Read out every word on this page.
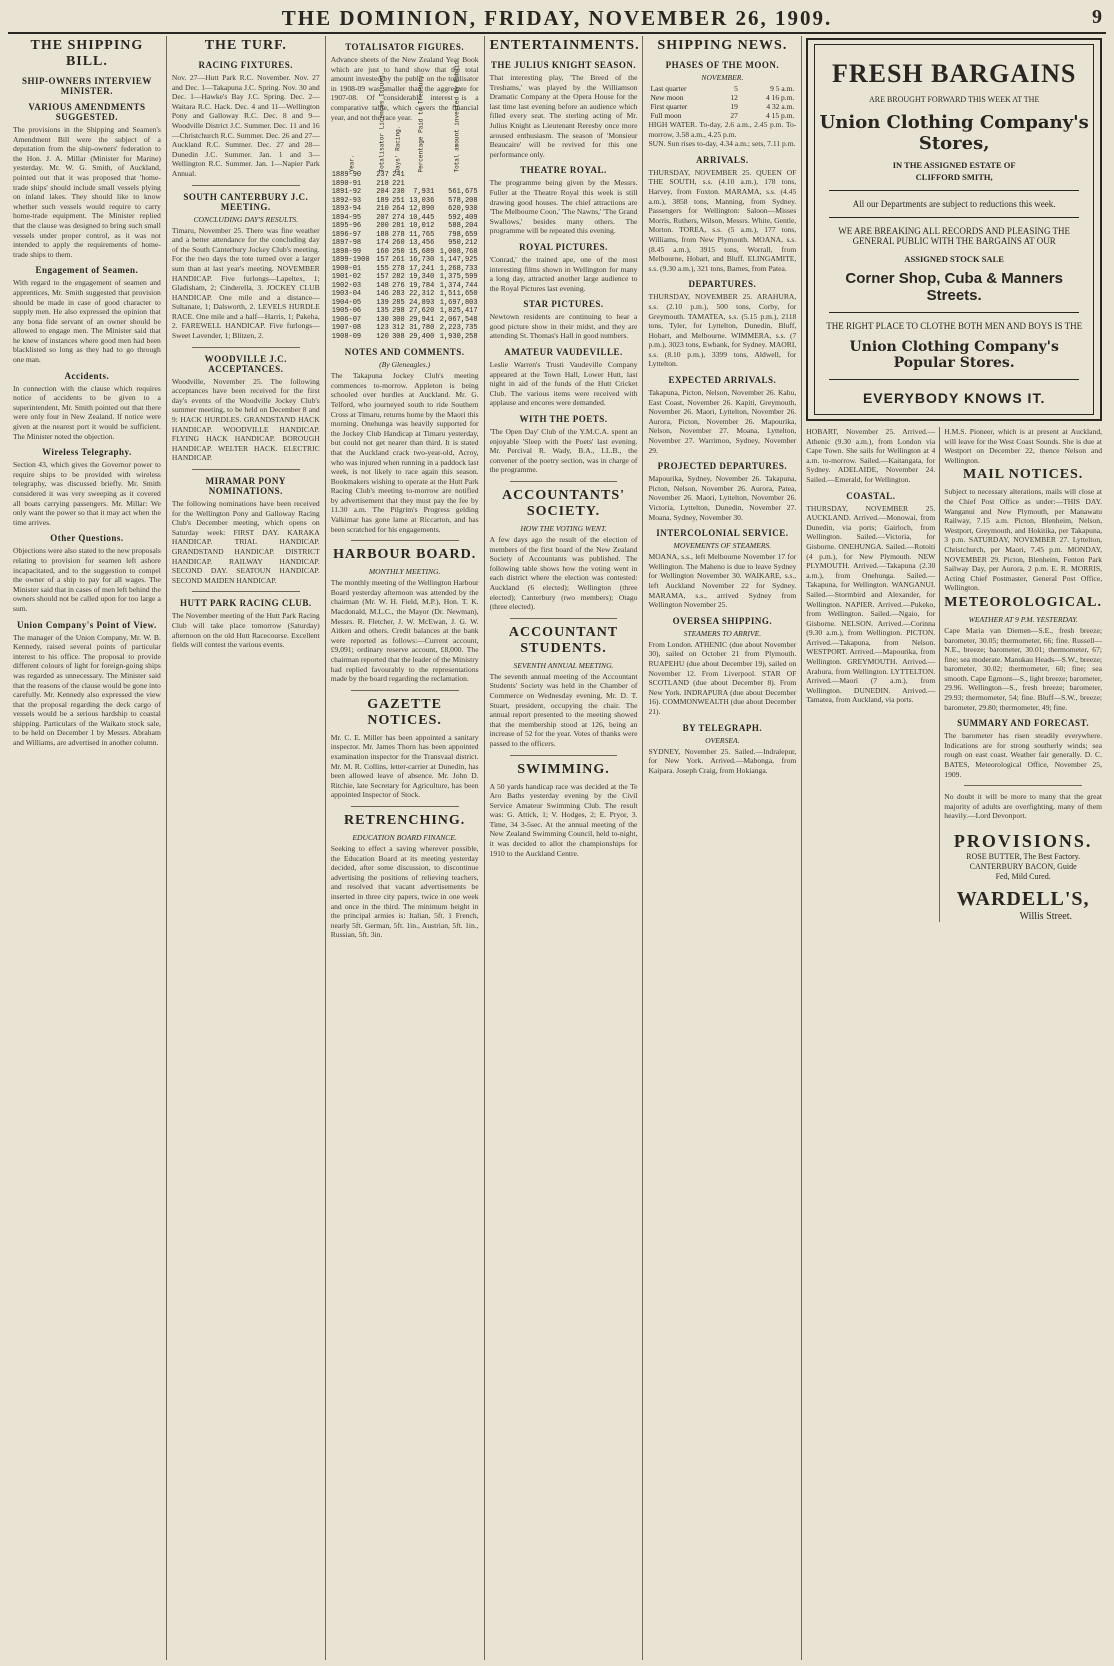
THE DOMINION, FRIDAY, NOVEMBER 26, 1909.	9
THE SHIPPING BILL.
SHIP-OWNERS INTERVIEW MINISTER.
VARIOUS AMENDMENTS SUGGESTED.

The provisions in the Shipping and Seamen's Amendment Bill were the subject of a deputation from the ship-owners' federation to the Hon. J. A. Millar (Minister for Marine) yesterday. Mr. W. G. Smith, of Auckland, pointed out that it was proposed that 'home-trade ships' should include small vessels plying on inland lakes. They should like to know whether such vessels would require to carry home-trade equipment. The Minister replied that the clause was designed to bring such small vessels under proper control, as it was not intended to apply the requirements of home-trade ships to them.

Engagement of Seamen.

With regard to the engagement of seamen and apprentices, Mr. Smith suggested that provision should be made in case of good character to supply men. He also expressed the opinion that any bona fide servant of an owner should be allowed to engage men. The Minister said that he knew of instances where good men had been blacklisted so long as they had to go through one man.

Accidents.

In connection with the clause which requires notice of accidents to be given to a superintendent, Mr. Smith pointed out that there were only four in New Zealand. If notice were given at the nearest port it would be sufficient. The Minister noted the objection.

Wireless Telegraphy.

Section 43, which gives the Governor power to require ships to be provided with wireless telegraphy, was discussed briefly. Mr. Smith considered it was very sweeping as it covered all boats carrying passengers. Mr. Millar: We only want the power so that it may act when the time arrives.

Other Questions.

Objections were also stated to the new proposals relating to provision for seamen left ashore incapacitated, and to the suggestion to compel the owner of a ship to pay for all wages. The Minister said that in cases of men left behind the owners should not be called upon for too large a sum.

Union Company's Point of View.

The manager of the Union Company, Mr. W. B. Kennedy, raised several points of particular interest to his office. The proposal to provide different colours of light for foreign-going ships was regarded as unnecessary. The Minister said that the reasons of the clause would be gone into carefully. Mr. Kennedy also expressed the view that the proposal regarding the deck cargo of vessels would be a serious hardship to coastal shipping. Particulars of the Waikato stock sale, to be held on December 1 by Messrs. Abraham and Williams, are advertised in another column.

THE TURF.
RACING FIXTURES.

Nov. 27—Hutt Park R.C. November. Nov. 27 and Dec. 1—Takapuna J.C. Spring. Nov. 30 and Dec. 1—Hawke's Bay J.C. Spring. Dec. 2—Waitara R.C. Hack. Dec. 4 and 11—Wellington Pony and Galloway R.C. Dec. 8 and 9—Woodville District J.C. Summer. Dec. 11 and 16—Christchurch R.C. Summer. Dec. 26 and 27—Auckland R.C. Summer. Dec. 27 and 28—Dunedin J.C. Summer. Jan. 1 and 3—Wellington R.C. Summer. Jan. 1—Napier Park Annual.

SOUTH CANTERBURY J.C. MEETING.
CONCLUDING DAY'S RESULTS.

Timaru, November 25. There was fine weather and a better attendance for the concluding day of the South Canterbury Jockey Club's meeting. For the two days the tote turned over a larger sum than at last year's meeting. NOVEMBER HANDICAP. Five furlongs—Lapeltex, 1; Gladisham, 2; Cinderella, 3. JOCKEY CLUB HANDICAP. One mile and a distance—Sultanate, 1; Dalsworth, 2. LEVELS HURDLE RACE. One mile and a half—Harris, 1; Pakeha, 2. FAREWELL HANDICAP. Five furlongs—Sweet Lavender, 1; Blitzen, 2.

WOODVILLE J.C. ACCEPTANCES.

Woodville, November 25. The following acceptances have been received for the first day's events of the Woodville Jockey Club's summer meeting, to be held on December 8 and 9: HACK HURDLES. GRANDSTAND HACK HANDICAP. WOODVILLE HANDICAP. FLYING HACK HANDICAP. BOROUGH HANDICAP. WELTER HACK. ELECTRIC HANDICAP.

MIRAMAR PONY NOMINATIONS.

The following nominations have been received for the Wellington Pony and Galloway Racing Club's December meeting, which opens on Saturday week: FIRST DAY. KARAKA HANDICAP. TRIAL HANDICAP. GRANDSTAND HANDICAP. DISTRICT HANDICAP. RAILWAY HANDICAP. SECOND DAY. SEATOUN HANDICAP. SECOND MAIDEN HANDICAP.

HUTT PARK RACING CLUB.

The November meeting of the Hutt Park Racing Club will take place tomorrow (Saturday) afternoon on the old Hutt Racecourse. Excellent fields will contest the various events.

TOTALISATOR FIGURES.

Advance sheets of the New Zealand Year Book which are just to hand show that the total amount invested by the public on the totalisator in 1908-09 was smaller than the aggregate for 1907-08. Of considerable interest is a comparative table, which covers the financial year, and not the race year.

Year.	Totalisator Licences Issued.	Days' Racing.	Percentage Paid to Treasury.	Total amount invested by Public.
1889-90	237	241		
1890-91	218	221		
1891-92	204	230	7,931	561,675
1892-93	189	251	13,036	578,208
1893-94	210	264	12,890	620,930
1894-95	207	274	10,445	592,409
1895-96	200	281	10,012	588,204
1896-97	188	278	11,765	798,659
1897-98	174	260	13,456	950,212
1898-99	160	250	15,689	1,008,768
1899-1900	157	261	16,730	1,147,925
1900-01	155	278	17,241	1,268,733
1901-02	157	282	19,340	1,375,599
1902-03	148	276	19,784	1,374,744
1903-04	146	283	22,312	1,511,650
1904-05	139	285	24,893	1,697,803
1905-06	135	298	27,620	1,825,417
1906-07	130	300	29,941	2,067,548
1907-08	123	312	31,780	2,223,735
1908-09	120	308	29,400	1,930,258
NOTES AND COMMENTS.
(By Gleneagles.)

The Takapuna Jockey Club's meeting commences to-morrow. Appleton is being schooled over hurdles at Auckland. Mr. G. Telford, who journeyed south to ride Southern Cross at Timaru, returns home by the Maori this morning. Onehunga was heavily supported for the Jockey Club Handicap at Timaru yesterday, but could not get nearer than third. It is stated that the Auckland crack two-year-old, Acroy, who was injured when running in a paddock last week, is not likely to race again this season. Bookmakers wishing to operate at the Hutt Park Racing Club's meeting to-morrow are notified by advertisement that they must pay the fee by 11.30 a.m. The Pilgrim's Progress gelding Valkimar has gone lame at Riccarton, and has been scratched for his engagements.

HARBOUR BOARD.
MONTHLY MEETING.

The monthly meeting of the Wellington Harbour Board yesterday afternoon was attended by the chairman (Mr. W. H. Field, M.P.), Hon. T. K. Macdonald, M.L.C., the Mayor (Dr. Newman), Messrs. R. Fletcher, J. W. McEwan, J. G. W. Aitken and others. Credit balances at the bank were reported as follows:—Current account, £9,091; ordinary reserve account, £8,000. The chairman reported that the leader of the Ministry had replied favourably to the representations made by the board regarding the reclamation.

GAZETTE NOTICES.

Mr. C. E. Miller has been appointed a sanitary inspector. Mr. James Thorn has been appointed examination inspector for the Transvaal district. Mr. M. R. Collins, letter-carrier at Dunedin, has been allowed leave of absence. Mr. John D. Ritchie, late Secretary for Agriculture, has been appointed Inspector of Stock.

RETRENCHING.
EDUCATION BOARD FINANCE.

Seeking to effect a saving wherever possible, the Education Board at its meeting yesterday decided, after some discussion, to discontinue advertising the positions of relieving teachers, and resolved that vacant advertisements be inserted in three city papers, twice in one week and once in the third. The minimum height in the principal armies is: Italian, 5ft. 1 French, nearly 5ft. German, 5ft. 1in., Austrian, 5ft. 1in., Russian, 5ft. 3in.

ENTERTAINMENTS.
THE JULIUS KNIGHT SEASON.

That interesting play, 'The Breed of the Treshams,' was played by the Williamson Dramatic Company at the Opera House for the last time last evening before an audience which filled every seat. The sterling acting of Mr. Julius Knight as Lieutenant Reresby once more aroused enthusiasm. The season of 'Monsieur Beaucaire' will be revived for this one performance only.

THEATRE ROYAL.

The programme being given by the Messrs. Fuller at the Theatre Royal this week is still drawing good houses. The chief attractions are 'The Melbourne Coon,' 'The Nawns,' 'The Grand Swallows,' besides many others. The programme will be repeated this evening.

ROYAL PICTURES.

'Conrad,' the trained ape, one of the most interesting films shown in Wellington for many a long day, attracted another large audience to the Royal Pictures last evening.

STAR PICTURES.

Newtown residents are continuing to hear a good picture show in their midst, and they are attending St. Thomas's Hall in good numbers.

AMATEUR VAUDEVILLE.

Leslie Warren's Trusti Vaudeville Company appeared at the Town Hall, Lower Hutt, last night in aid of the funds of the Hutt Cricket Club. The various items were received with applause and encores were demanded.

WITH THE POETS.

'The Open Day' Club of the Y.M.C.A. spent an enjoyable 'Sleep with the Poets' last evening. Mr. Percival R. Wady, B.A., LL.B., the convener of the poetry section, was in charge of the programme.

ACCOUNTANTS' SOCIETY.
HOW THE VOTING WENT.

A few days ago the result of the election of members of the first board of the New Zealand Society of Accountants was published. The following table shows how the voting went in each district where the election was contested: Auckland (6 elected); Wellington (three elected); Canterbury (two members); Otago (three elected).

ACCOUNTANT STUDENTS.
SEVENTH ANNUAL MEETING.

The seventh annual meeting of the Accountant Students' Society was held in the Chamber of Commerce on Wednesday evening, Mr. D. T. Stuart, president, occupying the chair. The annual report presented to the meeting showed that the membership stood at 126, being an increase of 52 for the year. Votes of thanks were passed to the officers.

SWIMMING.

A 50 yards handicap race was decided at the Te Aro Baths yesterday evening by the Civil Service Amateur Swimming Club. The result was: G. Attick, 1; V. Hodges, 2; E. Pryor, 3. Time, 34 3-5sec. At the annual meeting of the New Zealand Swimming Council, held to-night, it was decided to allot the championships for 1910 to the Auckland Centre.

SHIPPING NEWS.
PHASES OF THE MOON.
NOVEMBER.
Last quarter	5	9 5 a.m.
New moon	12	4 16 p.m.
First quarter	19	4 32 a.m.
Full moon	27	4 15 p.m.

HIGH WATER. To-day, 2.6 a.m., 2.45 p.m. To-morrow, 3.58 a.m., 4.25 p.m.

SUN. Sun rises to-day, 4.34 a.m.; sets, 7.11 p.m.

ARRIVALS.

THURSDAY, NOVEMBER 25. QUEEN OF THE SOUTH, s.s. (4.10 a.m.), 178 tons, Harvey, from Foxton. MARAMA, s.s. (4.45 a.m.), 3858 tons, Manning, from Sydney. Passengers for Wellington: Saloon—Misses Morris, Ruthers, Wilson, Messrs. White, Gentle, Morton. TOREA, s.s. (5 a.m.), 177 tons, Williams, from New Plymouth. MOANA, s.s. (8.45 a.m.), 3915 tons, Worrall, from Melbourne, Hobart, and Bluff. ELINGAMITE, s.s. (9.30 a.m.), 321 tons, Barnes, from Patea.

DEPARTURES.

THURSDAY, NOVEMBER 25. ARAHURA, s.s. (2.10 p.m.), 500 tons, Corby, for Greymouth. TAMATEA, s.s. (5.15 p.m.), 2118 tons, Tyler, for Lyttelton, Dunedin, Bluff, Hobart, and Melbourne. WIMMERA, s.s. (7 p.m.), 3023 tons, Ewbank, for Sydney. MAORI, s.s. (8.10 p.m.), 3399 tons, Aldwell, for Lyttelton.

EXPECTED ARRIVALS.

Takapuna, Picton, Nelson, November 26. Kahu, East Coast, November 26. Kapiti, Greymouth, November 26. Maori, Lyttelton, November 26. Aurora, Picton, November 26. Mapourika, Nelson, November 27. Moana, Lyttelton, November 27. Warrimoo, Sydney, November 29.

PROJECTED DEPARTURES.

Mapourika, Sydney, November 26. Takapuna, Picton, Nelson, November 26. Aurora, Patea, November 26. Maori, Lyttelton, November 26. Victoria, Lyttelton, Dunedin, November 27. Moana, Sydney, November 30.

INTERCOLONIAL SERVICE.
MOVEMENTS OF STEAMERS.

MOANA, s.s., left Melbourne November 17 for Wellington. The Maheno is due to leave Sydney for Wellington November 30. WAIKARE, s.s., left Auckland November 22 for Sydney. MARAMA, s.s., arrived Sydney from Wellington November 25.

OVERSEA SHIPPING.
STEAMERS TO ARRIVE.

From London. ATHENIC (due about November 30), sailed on October 21 from Plymouth. RUAPEHU (due about December 19), sailed on November 12. From Liverpool. STAR OF SCOTLAND (due about December 8). From New York. INDRAPURA (due about December 16). COMMONWEALTH (due about December 21).

BY TELEGRAPH.
OVERSEA.

SYDNEY, November 25. Sailed.—Indralepur, for New York. Arrived.—Mabonga, from Kaipara. Joseph Craig, from Hokianga.

FRESH BARGAINS
ARE BROUGHT FORWARD THIS WEEK AT THE
Union Clothing Company's Stores,
IN THE ASSIGNED ESTATE OF
CLIFFORD SMITH,
All our Departments are subject to reductions this week.
WE ARE BREAKING ALL RECORDS AND PLEASING THE GENERAL PUBLIC WITH THE BARGAINS AT OUR
ASSIGNED STOCK SALE
Corner Shop, Cuba & Manners Streets.
THE RIGHT PLACE TO CLOTHE BOTH MEN AND BOYS IS THE
Union Clothing Company's Popular Stores.
EVERYBODY KNOWS IT.

HOBART, November 25. Arrived.—Athenic (9.30 a.m.), from London via Cape Town. She sails for Wellington at 4 a.m. to-morrow. Sailed.—Kaitangata, for Sydney. ADELAIDE, November 24. Sailed.—Emerald, for Wellington.

COASTAL.

THURSDAY, NOVEMBER 25. AUCKLAND. Arrived.—Monowai, from Dunedin, via ports; Gairloch, from Wellington. Sailed.—Victoria, for Gisborne. ONEHUNGA. Sailed.—Rotoiti (4 p.m.), for New Plymouth. NEW PLYMOUTH. Arrived.—Takapuna (2.30 a.m.), from Onehunga. Sailed.—Takapuna, for Wellington. WANGANUI. Sailed.—Stormbird and Alexander, for Wellington. NAPIER. Arrived.—Pukeko, from Wellington. Sailed.—Ngaio, for Gisborne. NELSON. Arrived.—Corinna (9.30 a.m.), from Wellington. PICTON. Arrived.—Takapuna, from Nelson. WESTPORT. Arrived.—Mapourika, from Wellington. GREYMOUTH. Arrived.—Arahura, from Wellington. LYTTELTON. Arrived.—Maori (7 a.m.), from Wellington. DUNEDIN. Arrived.—Tamatea, from Auckland, via ports.

H.M.S. Pioneer, which is at present at Auckland, will leave for the West Coast Sounds. She is due at Westport on December 22, thence Nelson and Wellington.

MAIL NOTICES.

Subject to necessary alterations, mails will close at the Chief Post Office as under:—THIS DAY. Wanganui and New Plymouth, per Manawatu Railway, 7.15 a.m. Picton, Blenheim, Nelson, Westport, Greymouth, and Hokitika, per Takapuna, 3 p.m. SATURDAY, NOVEMBER 27. Lyttelton, Christchurch, per Maori, 7.45 p.m. MONDAY, NOVEMBER 29. Picton, Blenheim, Fenton Park Sailway Day, per Aurora, 2 p.m. E. R. MORRIS, Acting Chief Postmaster, General Post Office, Wellington.

METEOROLOGICAL.
WEATHER AT 9 P.M. YESTERDAY.

Cape Maria van Diemen—S.E., fresh breeze; barometer, 30.05; thermometer, 66; fine. Russell—N.E., breeze; barometer, 30.01; thermometer, 67; fine; sea moderate. Manukau Heads—S.W., breeze; barometer, 30.02; thermometer, 60; fine; sea smooth. Cape Egmont—S., light breeze; barometer, 29.96. Wellington—S., fresh breeze; barometer, 29.93; thermometer, 54; fine. Bluff—S.W., breeze; barometer, 29.80; thermometer, 49; fine.

SUMMARY AND FORECAST.

The barometer has risen steadily everywhere. Indications are for strong southerly winds; sea rough on east coast. Weather fair generally. D. C. BATES, Meteorological Office, November 25, 1909.

No doubt it will be more to many that the great majority of adults are overfighting, many of them heavily.—Lord Devonport.

PROVISIONS.
ROSE BUTTER, The Best Factory.
CANTERBURY BACON, Guide
Fed, Mild Cured.
WARDELL'S,
Willis Street.
